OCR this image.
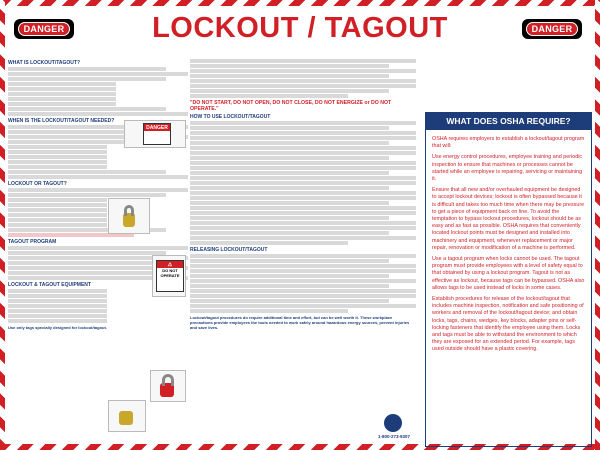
DANGER	LOCKOUT / TAGOUT	DANGER
WHAT IS LOCKOUT/TAGOUT?
WHEN IS THE LOCKOUT/TAGOUT NEEDED?
LOCKOUT OR TAGOUT?
TAGOUT PROGRAM
LOCKOUT & TAGOUT EQUIPMENT
Use only tags specially designed for lockout/tagout.
DANGER
⚠
DO NOT OPERATE
"DO NOT START, DO NOT OPEN, DO NOT CLOSE, DO NOT ENERGIZE or DO NOT OPERATE."
HOW TO USE LOCKOUT/TAGOUT
RELEASING LOCKOUT/TAGOUT
Lockout/tagout procedures do require additional time and effort, but can be well worth it. These workplace precautions provide employees the tools needed to work safely around hazardous energy sources, prevent injuries and save lives.
1-800-273-9307
WHAT DOES OSHA REQUIRE?

OSHA requires employers to establish a lockout/tagout program that will:

Use energy control procedures, employee training and periodic inspection to ensure that machines or processes cannot be started while an employee is repairing, servicing or maintaining it.

Ensure that all new and/or overhauled equipment be designed to accept lockout devices; lockout is often bypassed because it is difficult and takes too much time when there may be pressure to get a piece of equipment back on line. To avoid the temptation to bypass lockout procedures, lockout should be as easy and as fast as possible. OSHA requires that conveniently located lockout points must be designed and installed into machinery and equipment, whenever replacement or major repair, renovation or modification of a machine is performed.

Use a tagout program when locks cannot be used. The tagout program must provide employees with a level of safety equal to that obtained by using a lockout program. Tagout is not as effective as lockout, because tags can be bypassed. OSHA also allows tags to be used instead of locks in some cases.

Establish procedures for release of the lockout/tagout that includes machine inspection, notification and safe positioning of workers and removal of the lockout/tagout device; and obtain locks, tags, chains, wedges, key blocks, adapter pins or self-locking fasteners that identify the employee using them. Locks and tags must be able to withstand the environment to which they are exposed for an extended period. For example, tags used outside should have a plastic covering.
